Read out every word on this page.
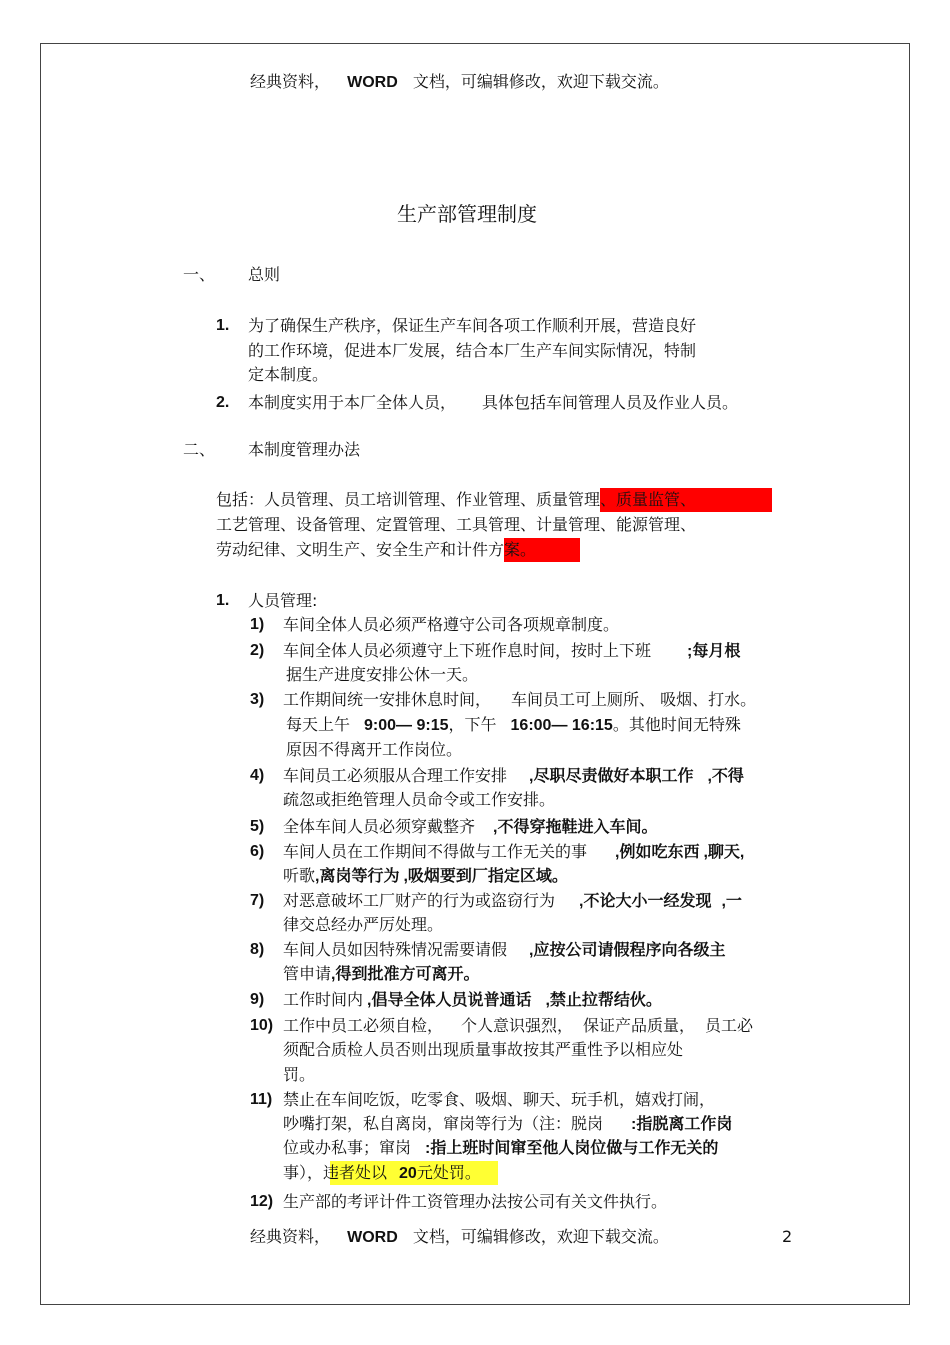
经典资料， WORD 文档，可编辑修改，欢迎下载交流。
生产部管理制度
一、 总则
1. 为了确保生产秩序，保证生产车间各项工作顺利开展，营造良好
的工作环境，促进本厂发展，结合本厂生产车间实际情况，特制
定本制度。
2. 本制度实用于本厂全体人员， 具体包括车间管理人员及作业人员。
二、 本制度管理办法
包括：人员管理、员工培训管理、作业管理、质量管理、质量监管、
工艺管理、设备管理、定置管理、工具管理、计量管理、能源管理、
劳动纪律、文明生产、安全生产和计件方案。
1. 人员管理:
1) 车间全体人员必须严格遵守公司各项规章制度。
2) 车间全体人员必须遵守上下班作息时间，按时上下班 ;每月根
据生产进度安排公休一天。
3) 工作期间统一安排休息时间， 车间员工可上厕所、 吸烟、打水。
每天上午 9:00— 9:15，下午 16:00— 16:15。其他时间无特殊
原因不得离开工作岗位。
4) 车间员工必须服从合理工作安排 ,尽职尽责做好本职工作 ,不得
疏忽或拒绝管理人员命令或工作安排。
5) 全体车间人员必须穿戴整齐 ,不得穿拖鞋进入车间。
6) 车间人员在工作期间不得做与工作无关的事 ,例如吃东西 ,聊天,
听歌,离岗等行为 ,吸烟要到厂指定区域。
7) 对恶意破坏工厂财产的行为或盗窃行为 ,不论大小一经发现 ,一
律交总经办严厉处理。
8) 车间人员如因特殊情况需要请假 ,应按公司请假程序向各级主
管申请,得到批准方可离开。
9) 工作时间内 ,倡导全体人员说普通话 ,禁止拉帮结伙。
10) 工作中员工必须自检， 个人意识强烈， 保证产品质量， 员工必
须配合质检人员否则出现质量事故按其严重性予以相应处
罚。
11) 禁止在车间吃饭，吃零食、吸烟、聊天、玩手机，嬉戏打闹，
吵嘴打架，私自离岗，窜岗等行为（注：脱岗 :指脱离工作岗
位或办私事；窜岗 :指上班时间窜至他人岗位做与工作无关的
事），违者处以 20元处罚。
12) 生产部的考评计件工资管理办法按公司有关文件执行。
经典资料， WORD 文档，可编辑修改，欢迎下载交流。	2
